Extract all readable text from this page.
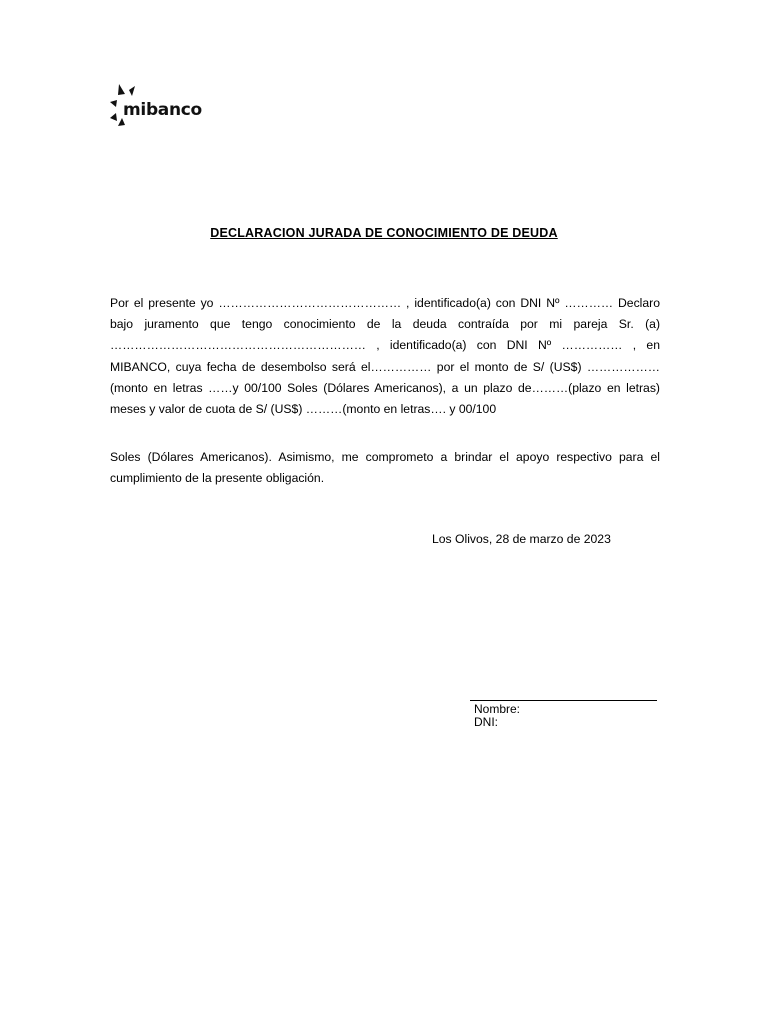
mibanco
DECLARACION JURADA DE CONOCIMIENTO DE DEUDA

Por el presente yo ……………………………………… , identificado(a) con DNI Nº ………… Declaro bajo juramento que tengo conocimiento de la deuda contraída por mi pareja Sr. (a) ……………………………………………………… , identificado(a) con DNI Nº …………… , en MIBANCO, cuya fecha de desembolso será el…………… por el monto de S/ (US$) ………………(monto en letras ……y 00/100 Soles (Dólares Americanos), a un plazo de………(plazo en letras) meses y valor de cuota de S/ (US$) ………(monto en letras…. y 00/100

Soles (Dólares Americanos). Asimismo, me comprometo a brindar el apoyo respectivo para el cumplimiento de la presente obligación.

Los Olivos, 28 de marzo de 2023
Nombre:
DNI:
